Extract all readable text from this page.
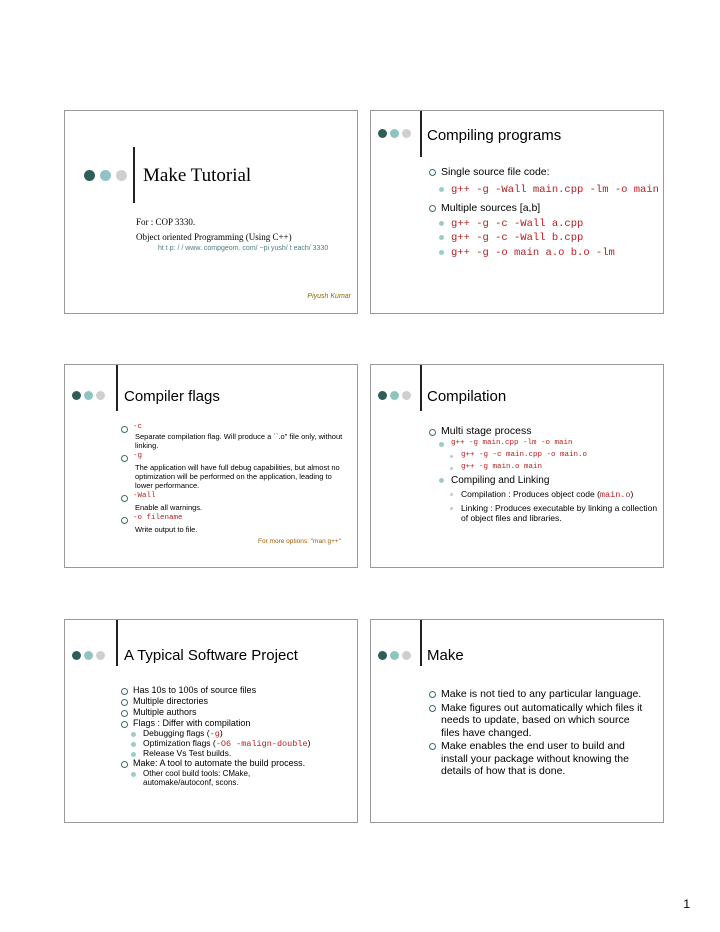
Make Tutorial
For : COP 3330.
Object oriented Programming (Using C++)
ht t p: / / www. compgeom. com/ ~pi yush/ t each/ 3330
Piyush Kumar
Compiling programs
Single source file code:
g++ -g -Wall main.cpp -lm -o main
Multiple sources [a,b]
g++ -g -c -Wall a.cpp
g++ -g -c -Wall b.cpp
g++ -g -o main a.o b.o -lm
Compiler flags
-c
Separate compilation flag. Will produce a ``.o" file only, without linking.
-g
The application will have full debug capabilities, but almost no optimization will be performed on the application, leading to lower performance.
-Wall
Enable all warnings.
-o filename
Write output to file.
For more options: "man g++"
Compilation
Multi stage process
g++ -g main.cpp -lm -o main
g++ -g -c main.cpp -o main.o
g++ -g main.o main
Compiling and Linking
Compilation : Produces object code (main.o)
Linking : Produces executable by linking a collection of object files and libraries.
A Typical Software Project
Has 10s to 100s of source files
Multiple directories
Multiple authors
Flags : Differ with compilation
Debugging flags (-g)
Optimization flags (-O6 -malign-double)
Release Vs Test builds.
Make: A tool to automate the build process.
Other cool build tools: CMake, automake/autoconf, scons.
Make
Make is not tied to any particular language.
Make figures out automatically which files it needs to update, based on which source files have changed.
Make enables the end user to build and install your package without knowing the details of how that is done.
1
